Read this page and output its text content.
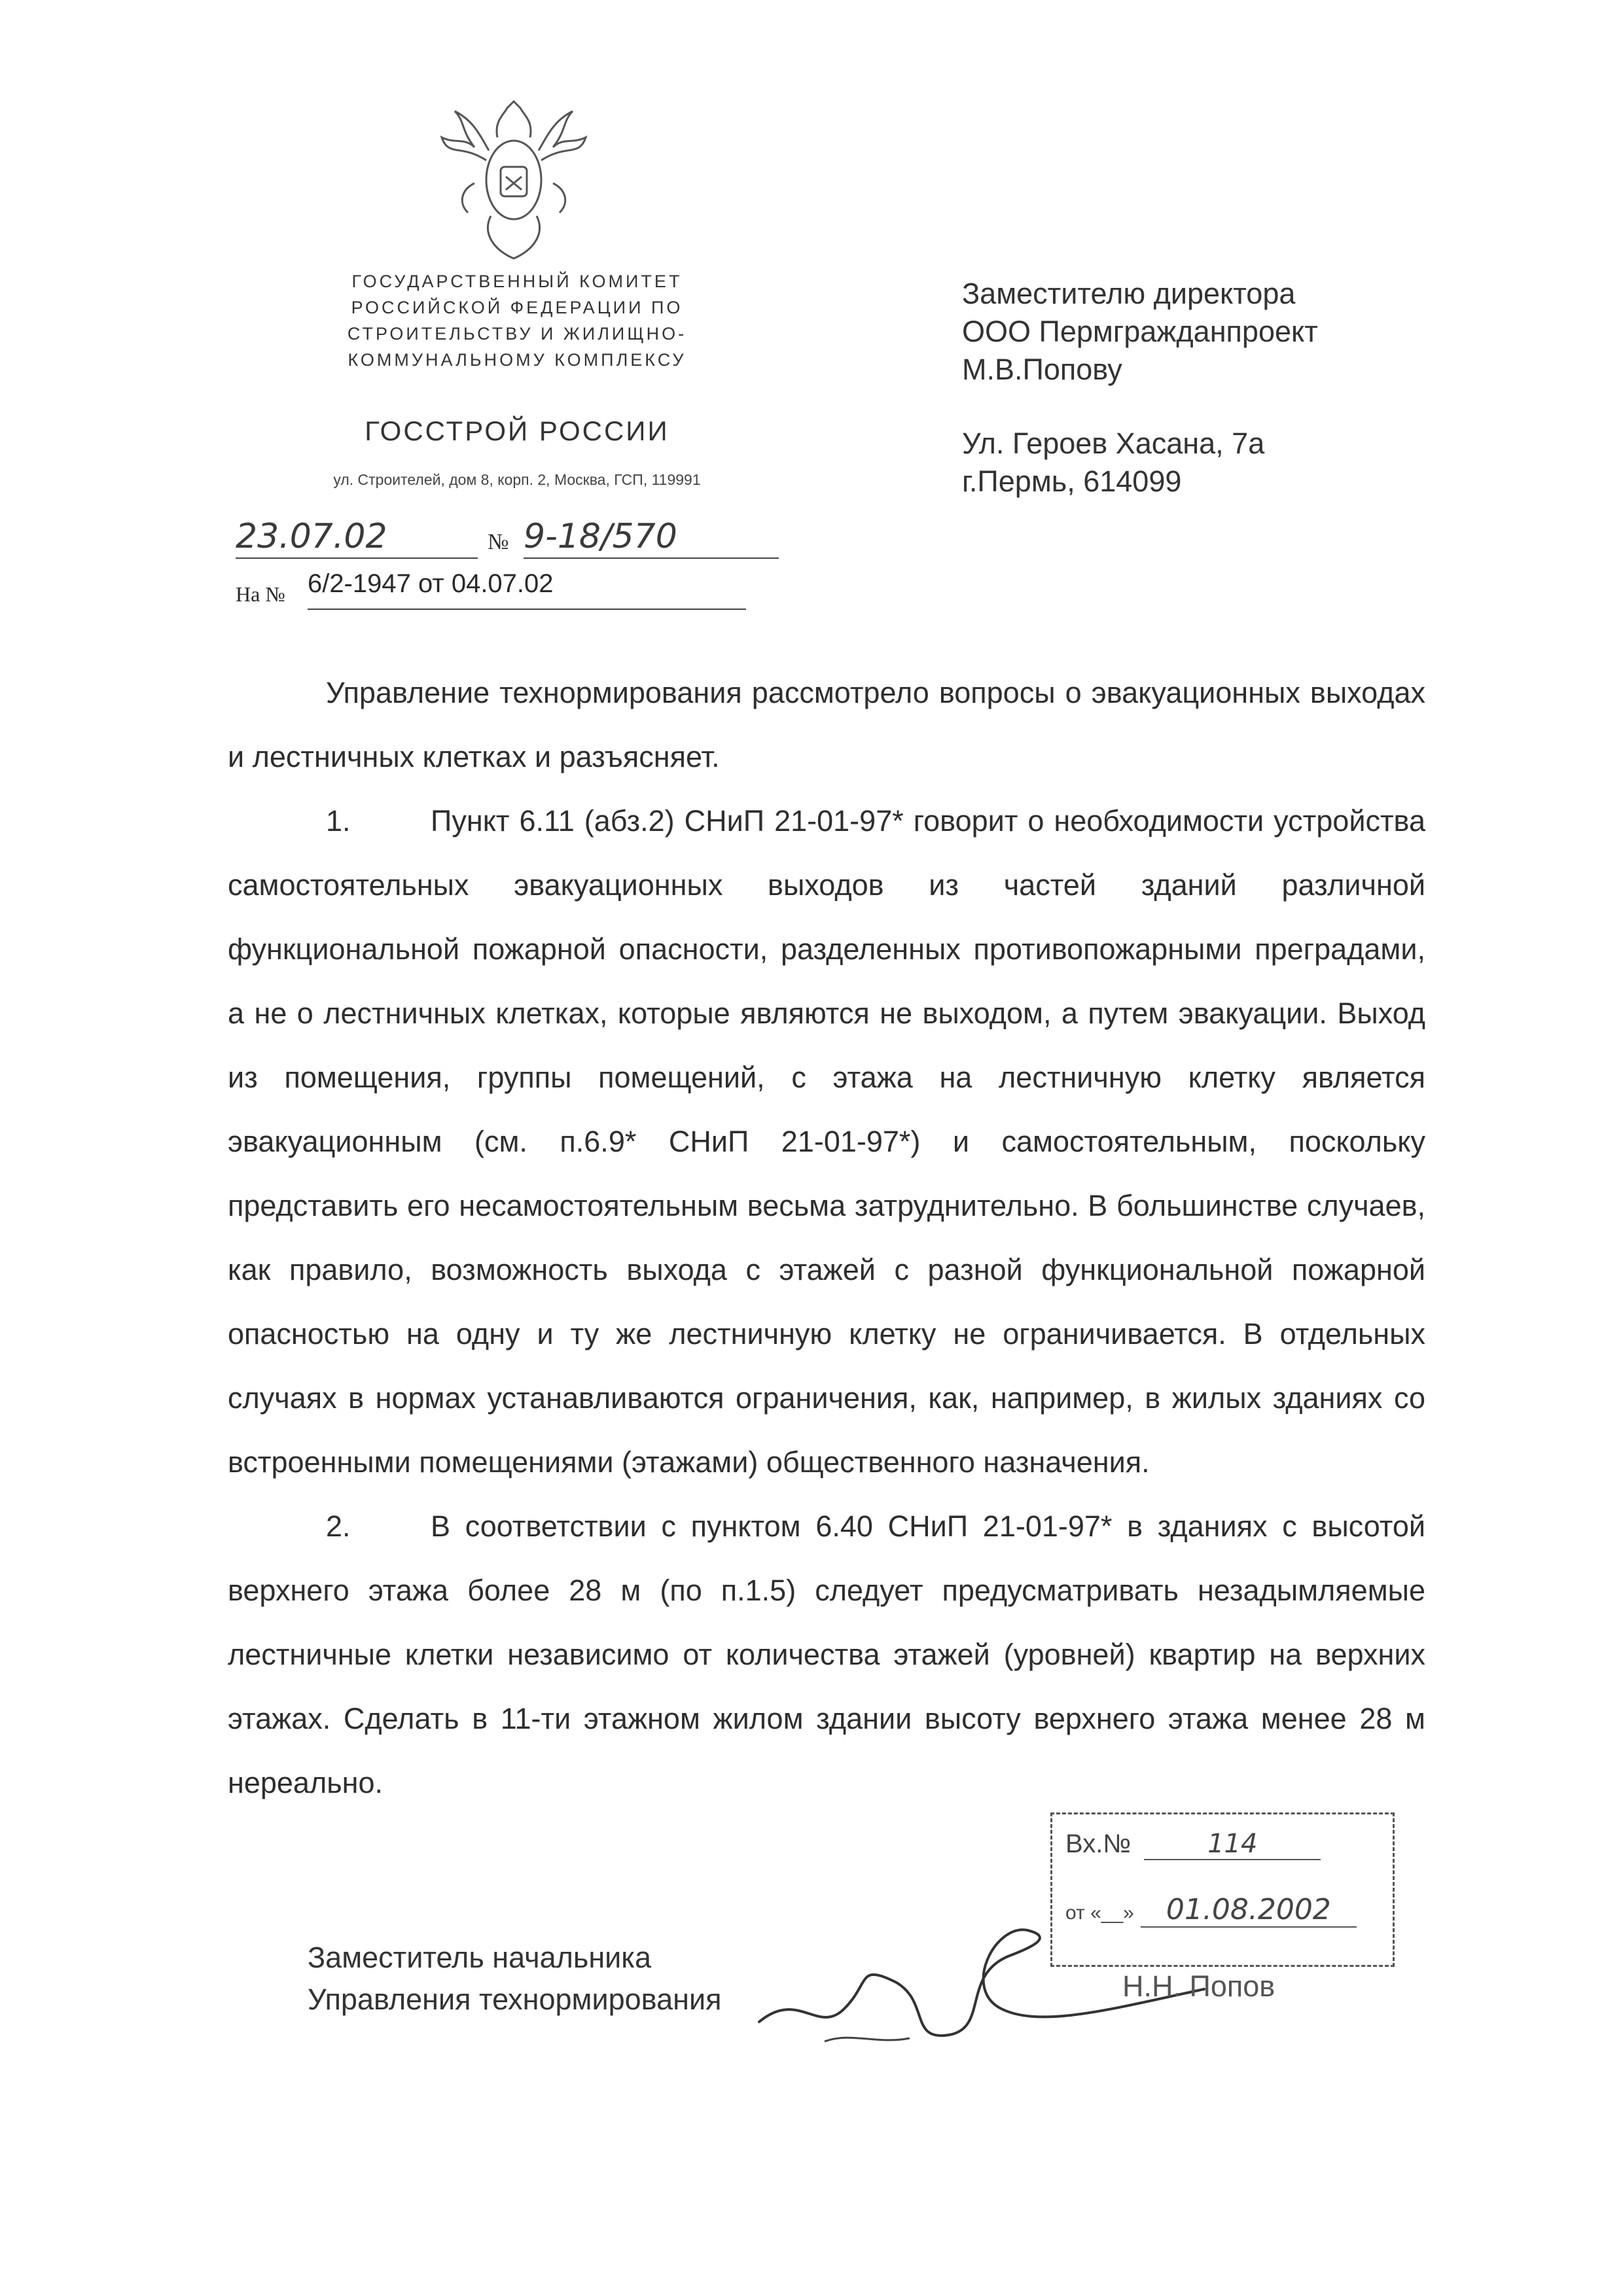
ГОСУДАРСТВЕННЫЙ КОМИТЕТ
РОССИЙСКОЙ ФЕДЕРАЦИИ ПО
СТРОИТЕЛЬСТВУ И ЖИЛИЩНО-
КОММУНАЛЬНОМУ КОМПЛЕКСУ
ГОССТРОЙ РОССИИ
ул. Строителей, дом 8, корп. 2, Москва, ГСП, 119991
23.07.02	№ 9-18/570
На № 6/2-1947 от 04.07.02
Заместителю директора
ООО Пермгражданпроект
М.В.Попову
Ул. Героев Хасана, 7а
г.Пермь, 614099

Управление технормирования рассмотрело вопросы о эвакуационных выходах и лестничных клетках и разъясняет.

1.	Пункт 6.11 (абз.2) СНиП 21-01-97* говорит о необходимости устройства самостоятельных эвакуационных выходов из частей зданий различной функциональной пожарной опасности, разделенных противопожарными преградами, а не о лестничных клетках, которые являются не выходом, а путем эвакуации. Выход из помещения, группы помещений, с этажа на лестничную клетку является эвакуационным (см. п.6.9* СНиП 21-01-97*) и самостоятельным, поскольку представить его несамостоятельным весьма затруднительно. В большинстве случаев, как правило, возможность выхода с этажей с разной функциональной пожарной опасностью на одну и ту же лестничную клетку не ограничивается. В отдельных случаях в нормах устанавливаются ограничения, как, например, в жилых зданиях со встроенными помещениями (этажами) общественного назначения.

2.	В соответствии с пунктом 6.40 СНиП 21-01-97* в зданиях с высотой верхнего этажа более 28 м (по п.1.5) следует предусматривать незадымляемые лестничные клетки независимо от количества этажей (уровней) квартир на верхних этажах. Сделать в 11-ти этажном жилом здании высоту верхнего этажа менее 28 м нереально.

Вх.№	114
от «__» 01.08.2002
Заместитель начальника
Управления технормирования	Н.Н. Попов
